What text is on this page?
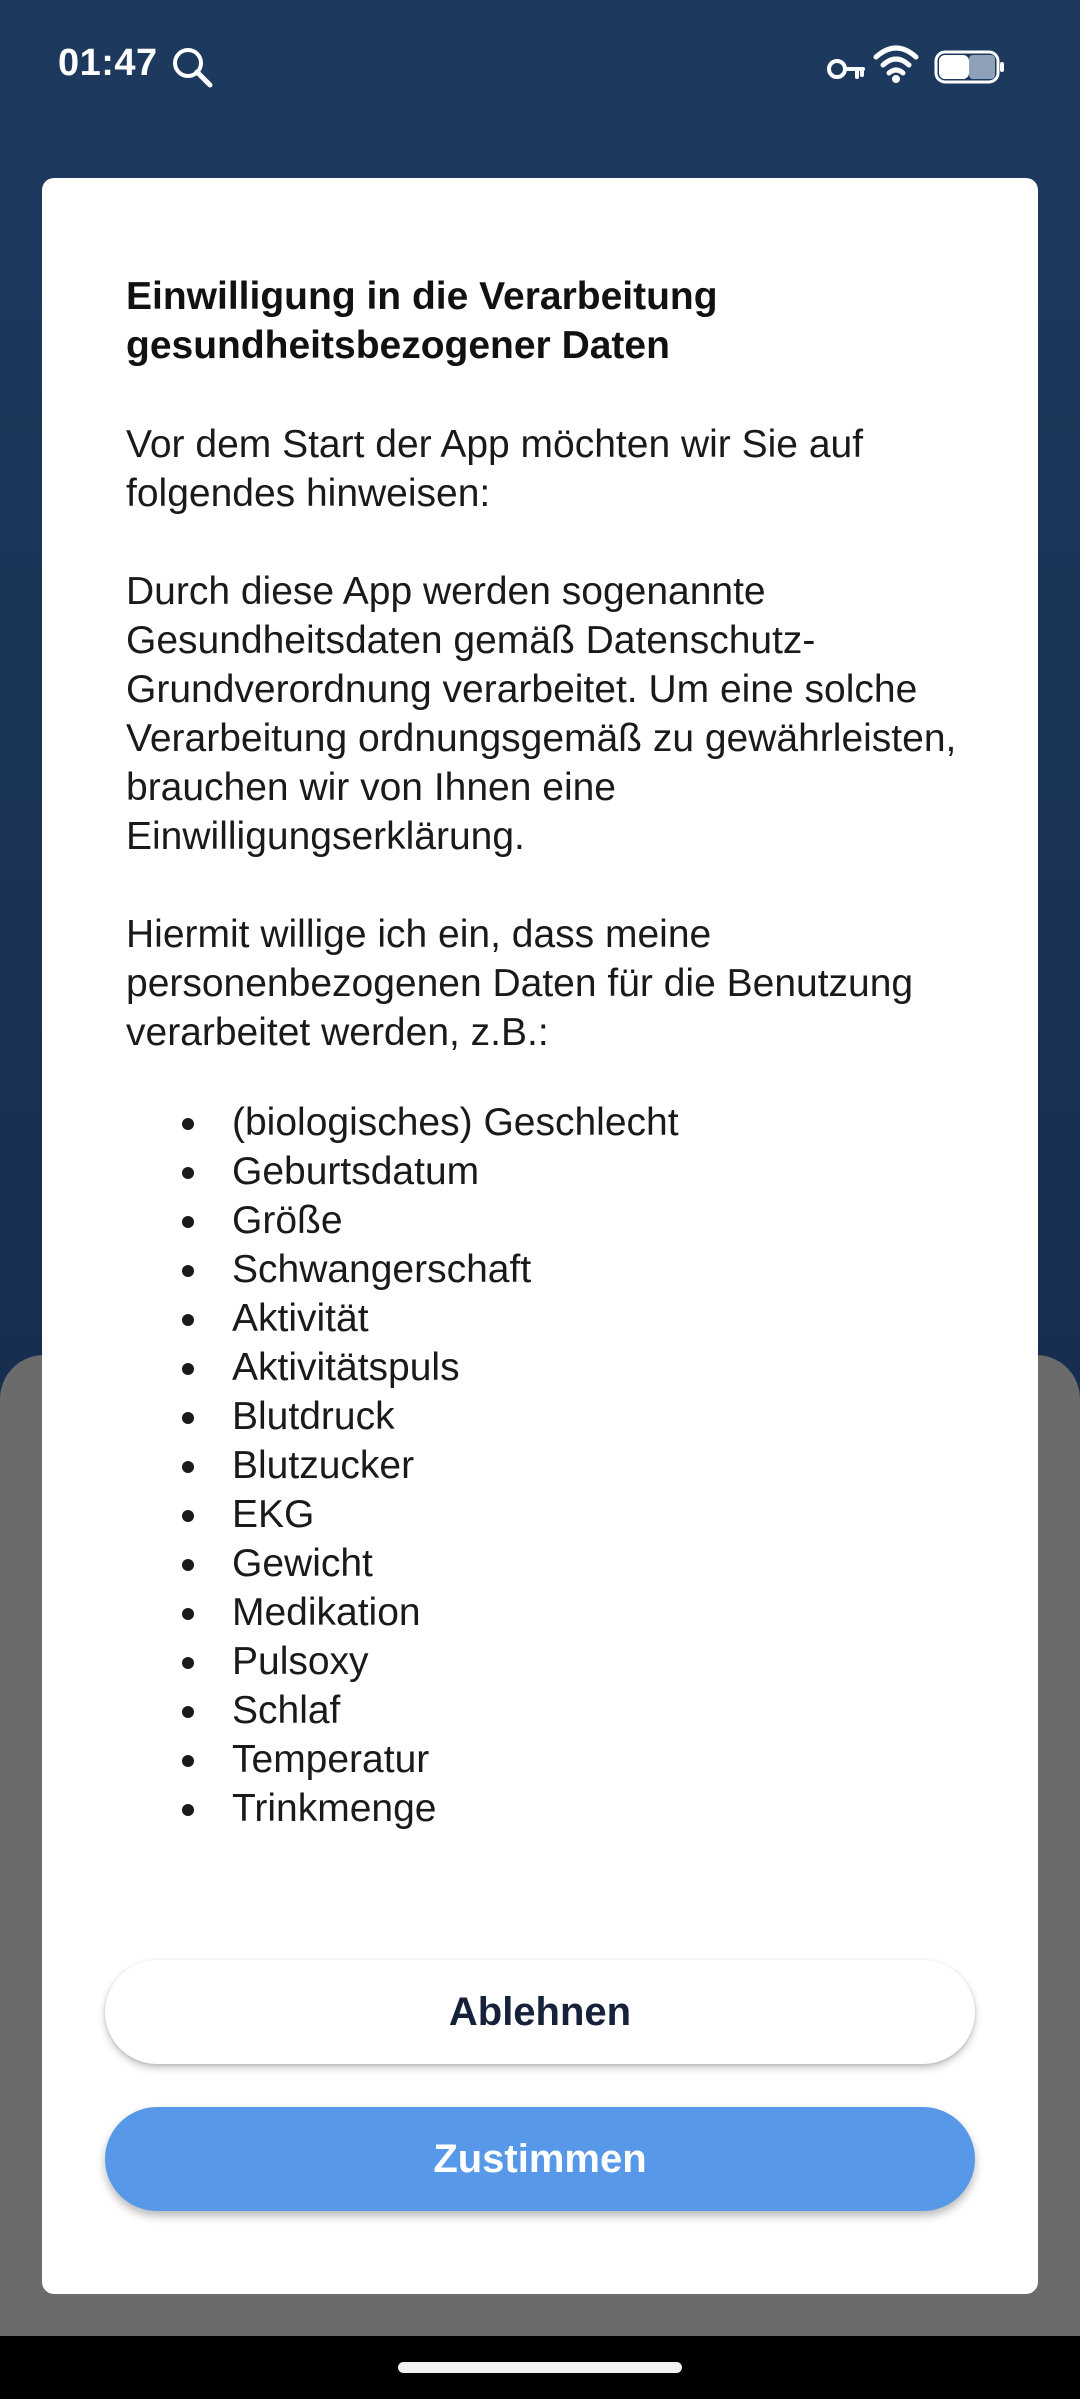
01:47
Einwilligung in die Verarbeitung gesundheitsbezogener Daten

Vor dem Start der App möchten wir Sie auf folgendes hinweisen:

Durch diese App werden sogenannte Gesundheitsdaten gemäß Datenschutz-Grundverordnung verarbeitet. Um eine solche Verarbeitung ordnungsgemäß zu gewährleisten, brauchen wir von Ihnen eine Einwilligungserklärung.

Hiermit willige ich ein, dass meine personenbezogenen Daten für die Benutzung verarbeitet werden, z.B.:

(biologisches) Geschlecht
Geburtsdatum
Größe
Schwangerschaft
Aktivität
Aktivitätspuls
Blutdruck
Blutzucker
EKG
Gewicht
Medikation
Pulsoxy
Schlaf
Temperatur
Trinkmenge
Ablehnen
Zustimmen
